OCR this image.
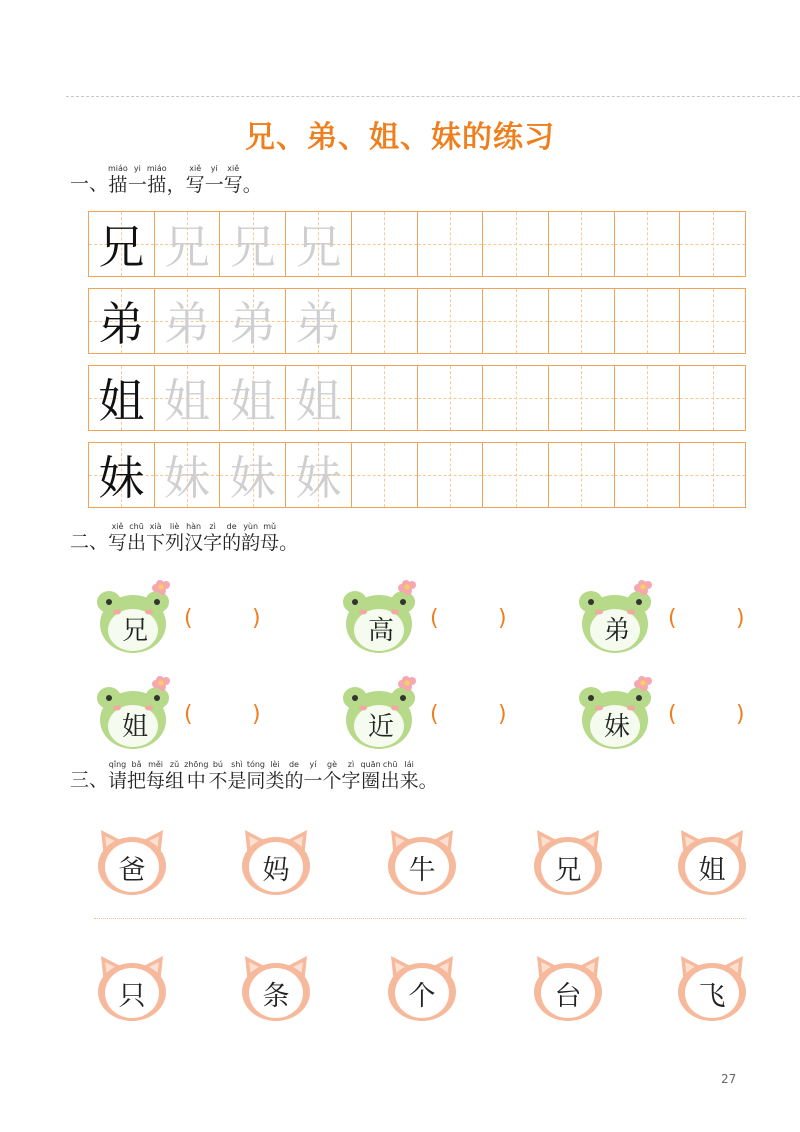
兄、弟、姐、妹的练习
一、
miáo
描
yi
一
miáo
描 ，
xiě
写
yi
一
xiě
写 。
兄 兄 兄 兄
弟 弟 弟 弟
姐 姐 姐 姐
妹 妹 妹 妹
二、
xiě
写
chū
出
xià
下
liè
列
hàn
汉
zì
字
de
的
yùn
韵
mǔ
母 。
兄	(	)	高	(	)	弟	(	)
姐	(	)	近	(	)	妹	(	)
三、
qǐng
请
bǎ
把
měi
每
zǔ
组
zhōng
中
bú
不
shì
是
tóng
同
lèi
类
de
的
yí
一
gè
个
zì
字
quān
圈
chū
出
lái
来 。
爸	妈	牛	兄	姐
只	条	个	台	飞
27
